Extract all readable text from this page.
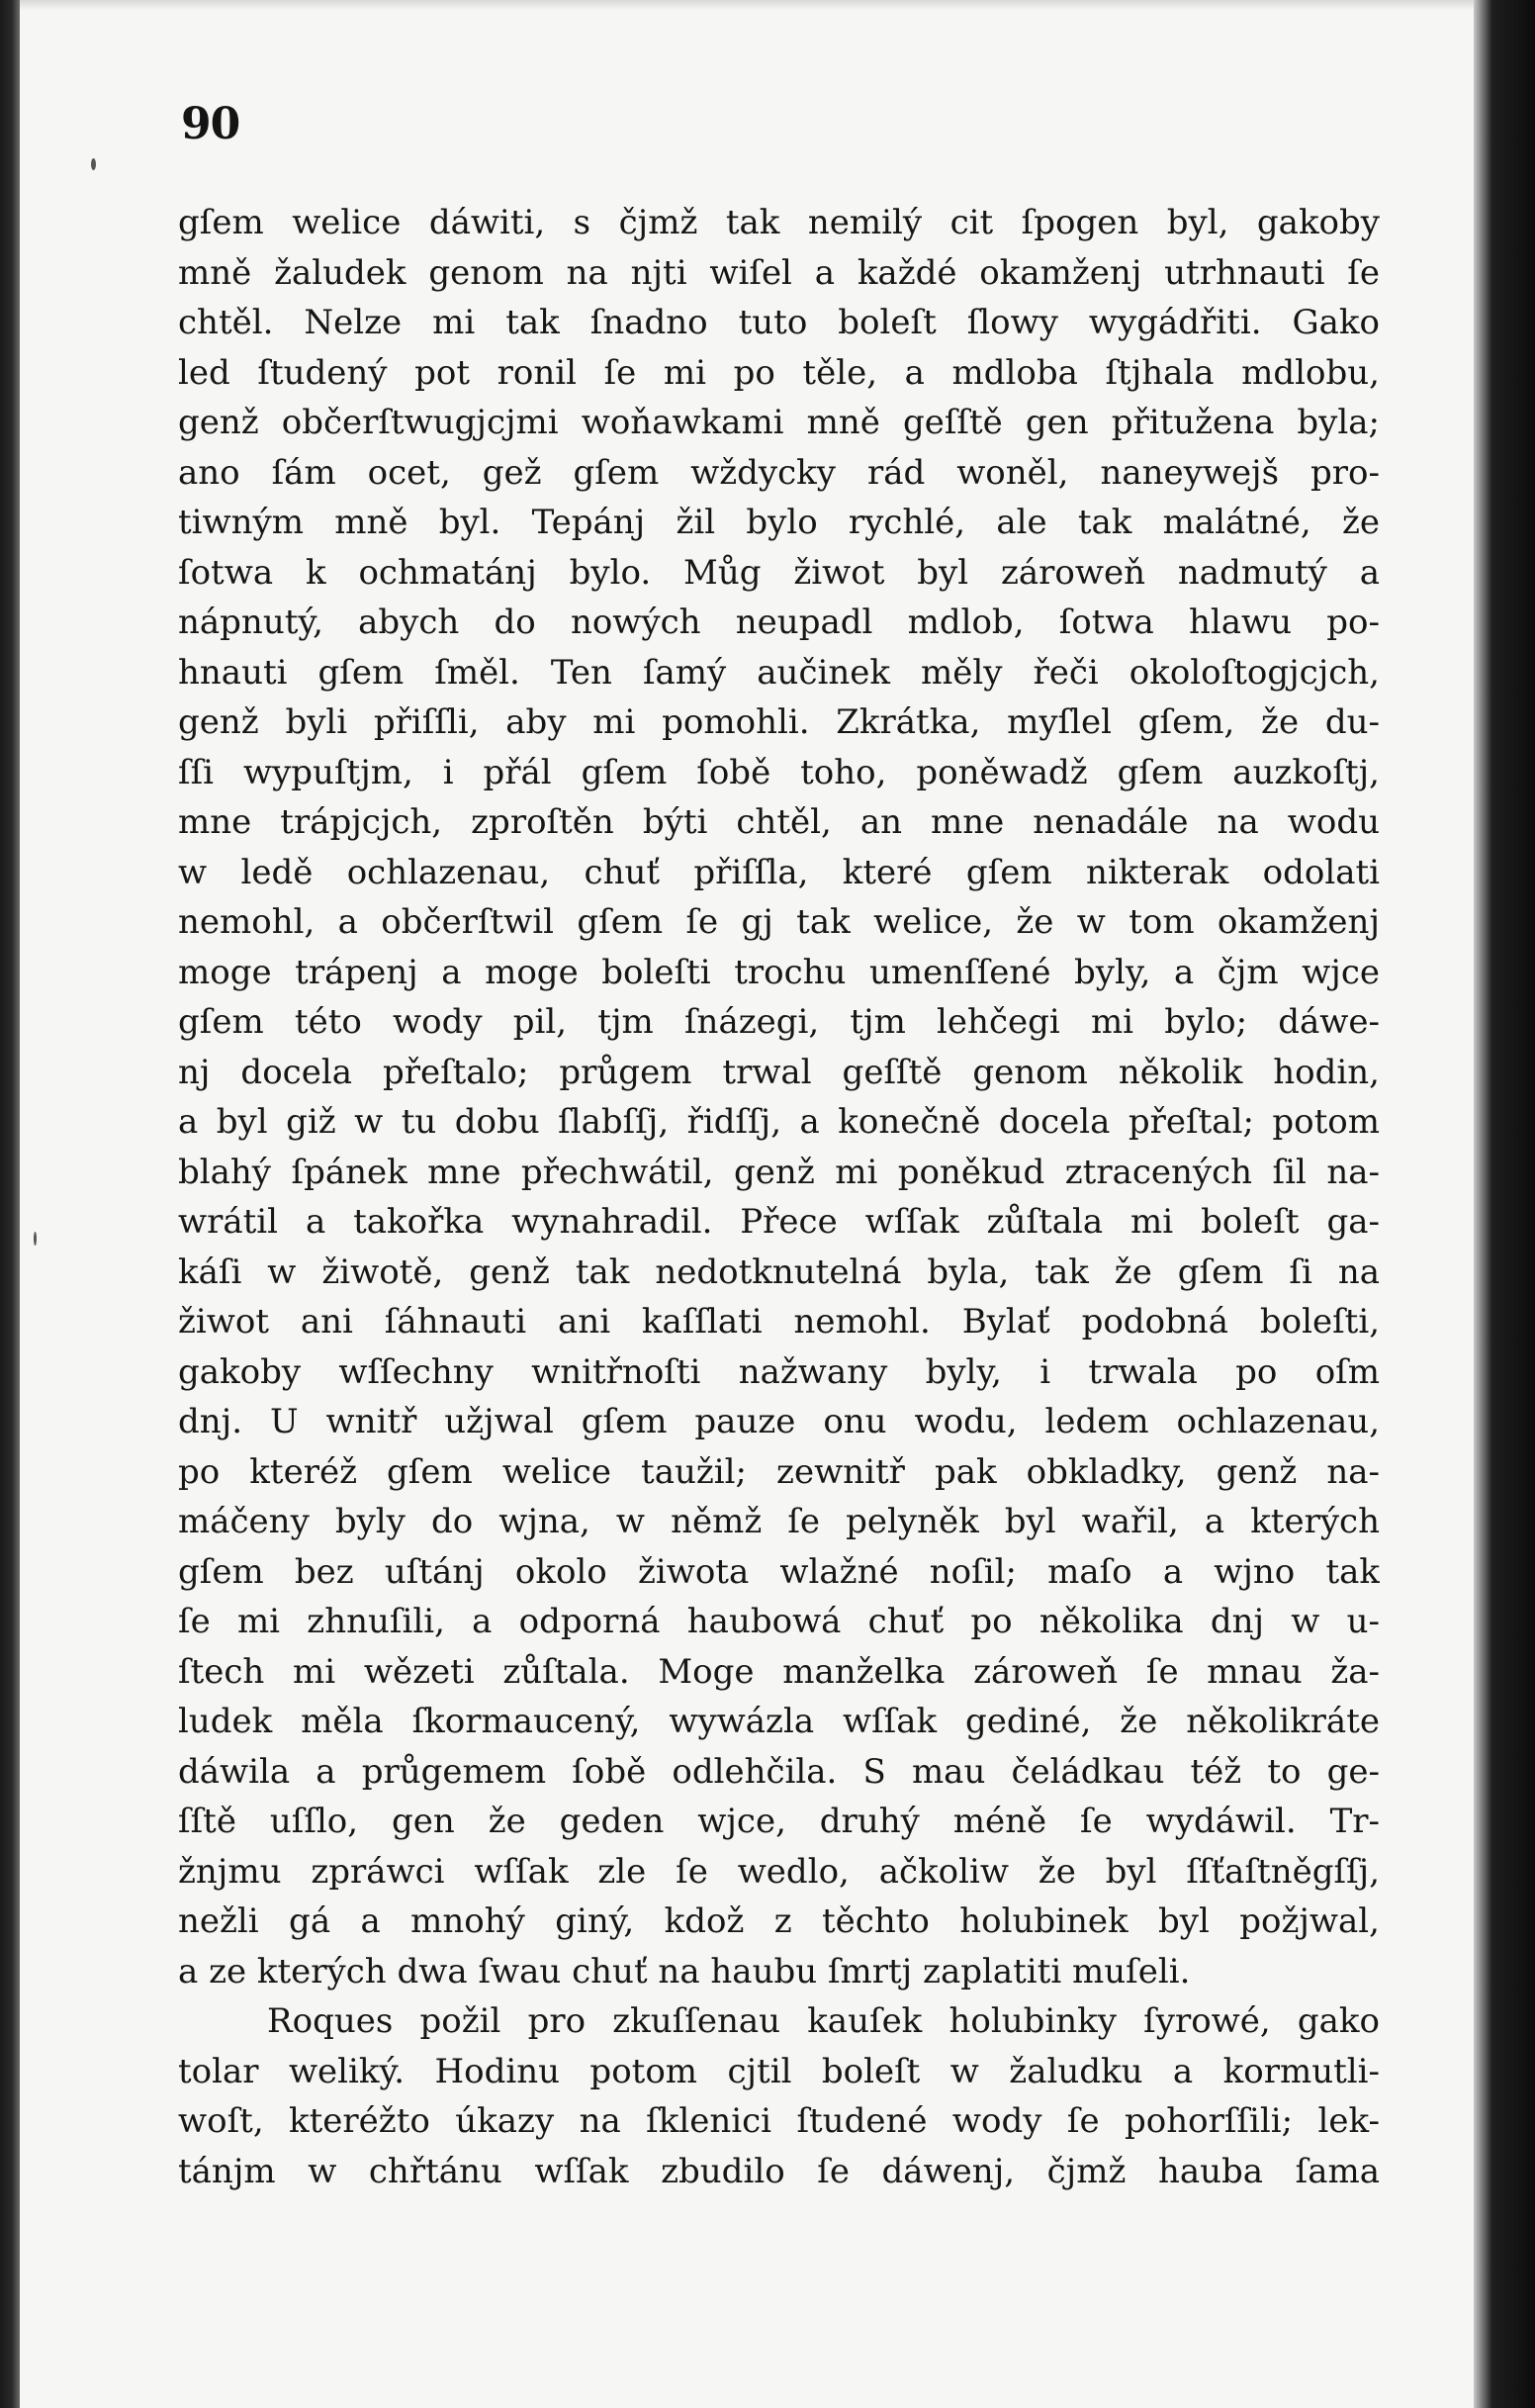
90

gſem welice dáwiti, s čjmž tak nemilý cit ſpogen byl, gakoby
mně žaludek genom na njti wiſel a každé okamženj utrhnauti ſe
chtěl. Nelze mi tak ſnadno tuto boleſt ſlowy wygádřiti. Gako
led ſtudený pot ronil ſe mi po těle, a mdloba ſtjhala mdlobu,
genž občerſtwugjcjmi woňawkami mně geſſtě gen přitužena byla;
ano ſám ocet, gež gſem wždycky rád woněl, naneywejš pro-
tiwným mně byl. Tepánj žil bylo rychlé, ale tak malátné, že
ſotwa k ochmatánj bylo. Můg žiwot byl zároweň nadmutý a
nápnutý, abych do nowých neupadl mdlob, ſotwa hlawu po-
hnauti gſem ſměl. Ten ſamý aučinek měly řeči okoloſtogjcjch,
genž byli přiſſli, aby mi pomohli. Zkrátka, myſlel gſem, že du-
ſſi wypuſtjm, i přál gſem ſobě toho, poněwadž gſem auzkoſtj,
mne trápjcjch, zproſtěn býti chtěl, an mne nenadále na wodu
w ledě ochlazenau, chuť přiſſla, které gſem nikterak odolati
nemohl, a občerſtwil gſem ſe gj tak welice, že w tom okamženj
moge trápenj a moge boleſti trochu umenſſené byly, a čjm wjce
gſem této wody pil, tjm ſnázegi, tjm lehčegi mi bylo; dáwe-
nj docela přeſtalo; průgem trwal geſſtě genom několik hodin,
a byl giž w tu dobu ſlabſſj, řidſſj, a konečně docela přeſtal; potom
blahý ſpánek mne přechwátil, genž mi poněkud ztracených ſil na-
wrátil a takořka wynahradil. Přece wſſak zůſtala mi boleſt ga-
káſi w žiwotě, genž tak nedotknutelná byla, tak že gſem ſi na
žiwot ani ſáhnauti ani kaſſlati nemohl. Bylať podobná boleſti,
gakoby wſſechny wnitřnoſti nažwany byly, i trwala po oſm
dnj. U wnitř užjwal gſem pauze onu wodu, ledem ochlazenau,
po kteréž gſem welice taužil; zewnitř pak obkladky, genž na-
máčeny byly do wjna, w němž ſe pelyněk byl wařil, a kterých
gſem bez uſtánj okolo žiwota wlažné noſil; maſo a wjno tak
ſe mi zhnuſili, a odporná haubowá chuť po několika dnj w u-
ſtech mi wězeti zůſtala. Moge manželka zároweň ſe mnau ža-
ludek měla ſkormaucený, wywázla wſſak gediné, že několikráte
dáwila a průgemem ſobě odlehčila. S mau čeládkau též to ge-
ſſtě uſſlo, gen že geden wjce, druhý méně ſe wydáwil. Tr-
žnjmu zpráwci wſſak zle ſe wedlo, ačkoliw že byl ſſťaſtněgſſj,
nežli gá a mnohý giný, kdož z těchto holubinek byl požjwal,
a ze kterých dwa ſwau chuť na haubu ſmrtj zaplatiti muſeli.
Roques požil pro zkuſſenau kauſek holubinky ſyrowé, gako
tolar weliký. Hodinu potom cjtil boleſt w žaludku a kormutli-
woſt, kteréžto úkazy na ſklenici ſtudené wody ſe pohorſſili; lek-
tánjm w chřtánu wſſak zbudilo ſe dáwenj, čjmž hauba ſama
